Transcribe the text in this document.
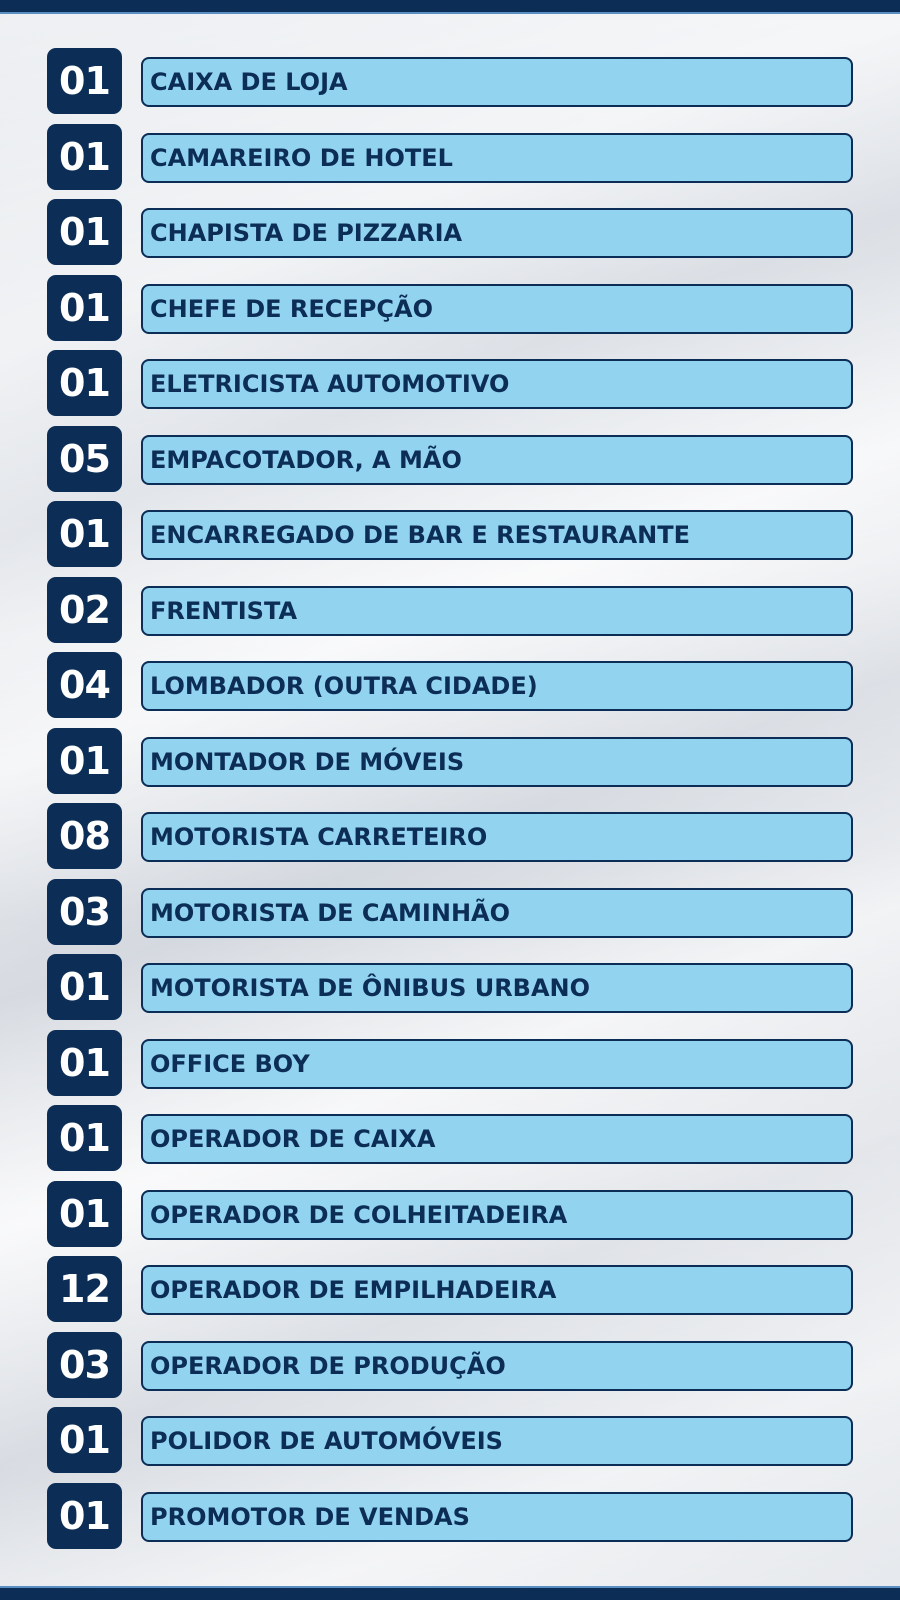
01	CAIXA DE LOJA
01	CAMAREIRO DE HOTEL
01	CHAPISTA DE PIZZARIA
01	CHEFE DE RECEPÇÃO
01	ELETRICISTA AUTOMOTIVO
05	EMPACOTADOR, A MÃO
01	ENCARREGADO DE BAR E RESTAURANTE
02	FRENTISTA
04	LOMBADOR (OUTRA CIDADE)
01	MONTADOR DE MÓVEIS
08	MOTORISTA CARRETEIRO
03	MOTORISTA DE CAMINHÃO
01	MOTORISTA DE ÔNIBUS URBANO
01	OFFICE BOY
01	OPERADOR DE CAIXA
01	OPERADOR DE COLHEITADEIRA
12	OPERADOR DE EMPILHADEIRA
03	OPERADOR DE PRODUÇÃO
01	POLIDOR DE AUTOMÓVEIS
01	PROMOTOR DE VENDAS
